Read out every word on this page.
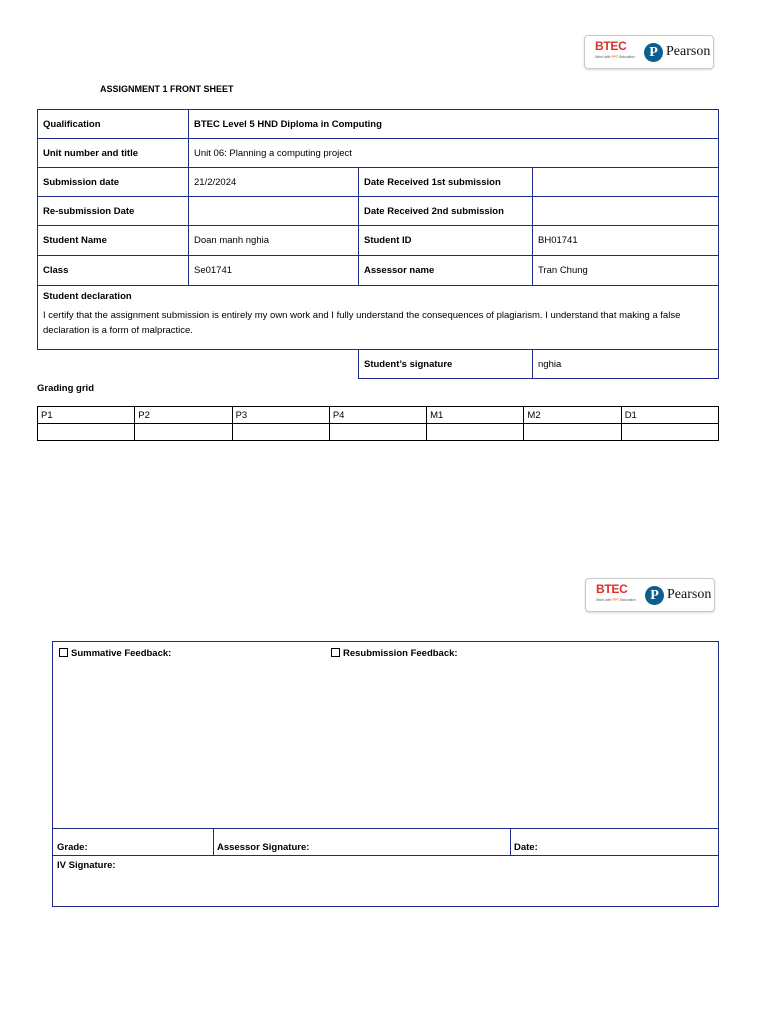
BTEC
Work with FPT Education	P Pearson
ASSIGNMENT 1 FRONT SHEET
Qualification	BTEC Level 5 HND Diploma in Computing		
Unit number and title	Unit 06: Planning a computing project		
Submission date	21/2/2024	Date Received 1st submission	
Re-submission Date		Date Received 2nd submission	
Student Name	Doan manh nghia	Student ID	BH01741
Class	Se01741	Assessor name	Tran Chung

Student declaration
I certify that the assignment submission is entirely my own work and I fully understand the consequences of plagiarism. I understand that making a false declaration is a form of malpractice.			

		Student’s signature	nghia
Grading grid
P1	P2	P3	P4	M1	M2	D1

BTEC
Work with FPT Education	P Pearson
Summative Feedback:	Resubmission Feedback:
Grade:	Assessor Signature:	Date:
IV Signature:
